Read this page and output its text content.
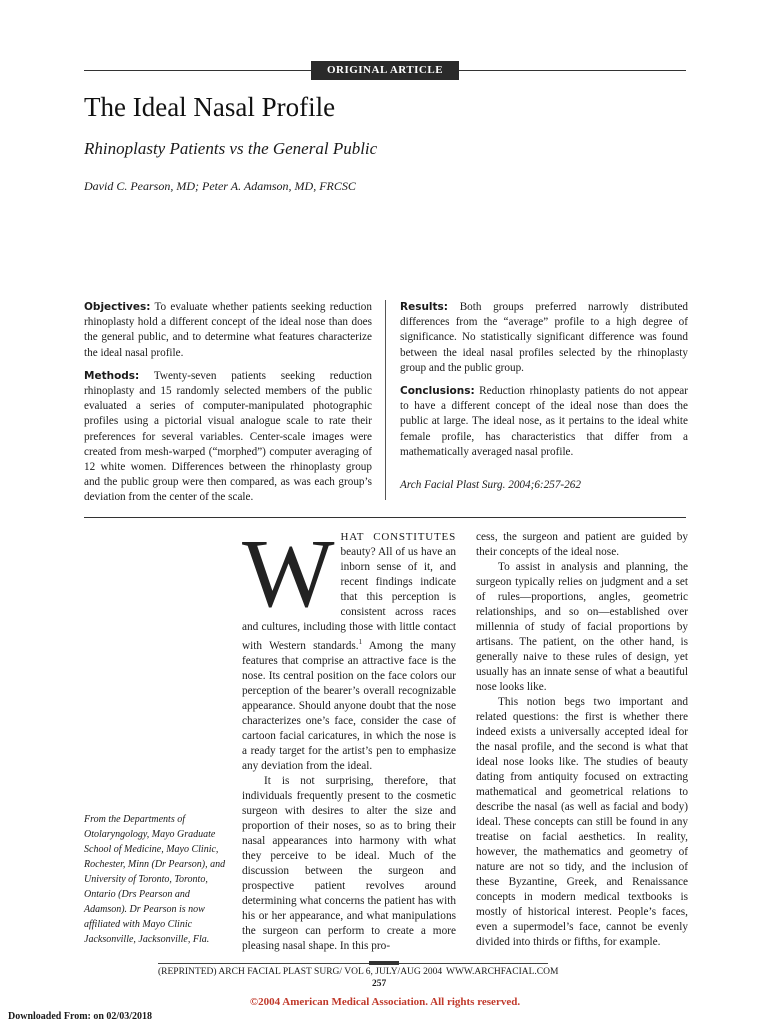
ORIGINAL ARTICLE
The Ideal Nasal Profile
Rhinoplasty Patients vs the General Public
David C. Pearson, MD; Peter A. Adamson, MD, FRCSC

Objectives: To evaluate whether patients seeking reduction rhinoplasty hold a different concept of the ideal nose than does the general public, and to determine what features characterize the ideal nasal profile.

Methods: Twenty-seven patients seeking reduction rhinoplasty and 15 randomly selected members of the public evaluated a series of computer-manipulated photographic profiles using a pictorial visual analogue scale to rate their preferences for several variables. Center-scale images were created from mesh-warped (“morphed”) computer averaging of 12 white women. Differences between the rhinoplasty group and the public group were then compared, as was each group’s deviation from the center of the scale.

Results: Both groups preferred narrowly distributed differences from the “average” profile to a high degree of significance. No statistically significant difference was found between the ideal nasal profiles selected by the rhinoplasty group and the public group.

Conclusions: Reduction rhinoplasty patients do not appear to have a different concept of the ideal nose than does the public at large. The ideal nose, as it pertains to the ideal white female profile, has characteristics that differ from a mathematically averaged nasal profile.

Arch Facial Plast Surg. 2004;6:257-262

From the Departments of Otolaryngology, Mayo Graduate School of Medicine, Mayo Clinic, Rochester, Minn (Dr Pearson), and University of Toronto, Toronto, Ontario (Drs Pearson and Adamson). Dr Pearson is now affiliated with Mayo Clinic Jacksonville, Jacksonville, Fla.

WHAT CONSTITUTES beauty? All of us have an inborn sense of it, and recent findings indicate that this perception is consistent across races and cultures, including those with little contact with Western standards.$^1$ Among the many features that comprise an attractive face is the nose. Its central position on the face colors our perception of the bearer’s overall recognizable appearance. Should anyone doubt that the nose characterizes one’s face, consider the case of cartoon facial caricatures, in which the nose is a ready target for the artist’s pen to emphasize any deviation from the ideal.

It is not surprising, therefore, that individuals frequently present to the cosmetic surgeon with desires to alter the size and proportion of their noses, so as to bring their nasal appearances into harmony with what they perceive to be ideal. Much of the discussion between the surgeon and prospective patient revolves around determining what concerns the patient has with his or her appearance, and what manipulations the surgeon can perform to create a more pleasing nasal shape. In this pro-

cess, the surgeon and patient are guided by their concepts of the ideal nose.

To assist in analysis and planning, the surgeon typically relies on judgment and a set of rules—proportions, angles, geometric relationships, and so on—established over millennia of study of facial proportions by artisans. The patient, on the other hand, is generally naive to these rules of design, yet usually has an innate sense of what a beautiful nose looks like.

This notion begs two important and related questions: the first is whether there indeed exists a universally accepted ideal for the nasal profile, and the second is what that ideal nose looks like. The studies of beauty dating from antiquity focused on extracting mathematical and geometrical relations to describe the nasal (as well as facial and body) ideal. These concepts can still be found in any treatise on facial aesthetics. In reality, however, the mathematics and geometry of nature are not so tidy, and the inclusion of these Byzantine, Greek, and Renaissance concepts in modern medical textbooks is mostly of historical interest. People’s faces, even a supermodel’s face, cannot be evenly divided into thirds or fifths, for example.

(REPRINTED) ARCH FACIAL PLAST SURG/ VOL 6, JULY/AUG 2004 WWW.ARCHFACIAL.COM
257
©2004 American Medical Association. All rights reserved.
Downloaded From: on 02/03/2018
